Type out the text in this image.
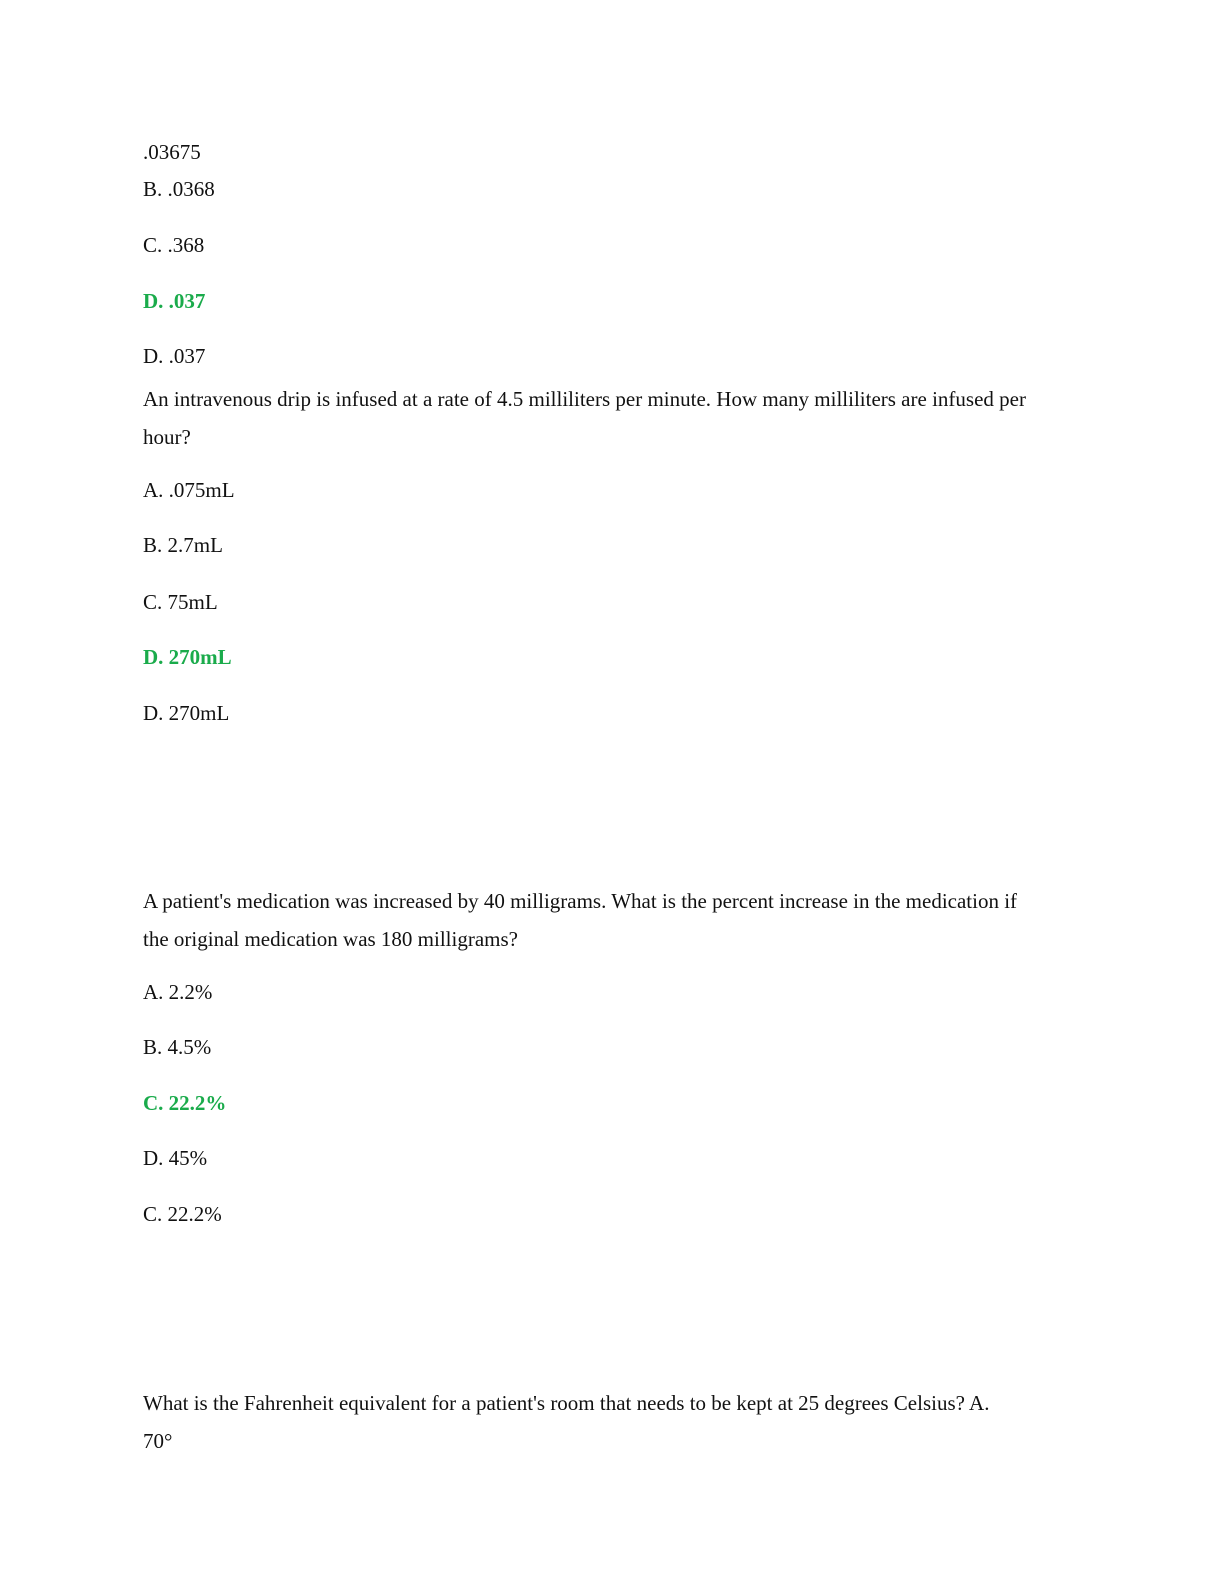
.03675
B. .0368
C. .368
D. .037
D. .037
An intravenous drip is infused at a rate of 4.5 milliliters per minute. How many milliliters are infused per
hour?
A. .075mL
B. 2.7mL
C. 75mL
D. 270mL
D. 270mL
A patient's medication was increased by 40 milligrams. What is the percent increase in the medication if
the original medication was 180 milligrams?
A. 2.2%
B. 4.5%
C. 22.2%
D. 45%
C. 22.2%
What is the Fahrenheit equivalent for a patient's room that needs to be kept at 25 degrees Celsius? A.
70°
